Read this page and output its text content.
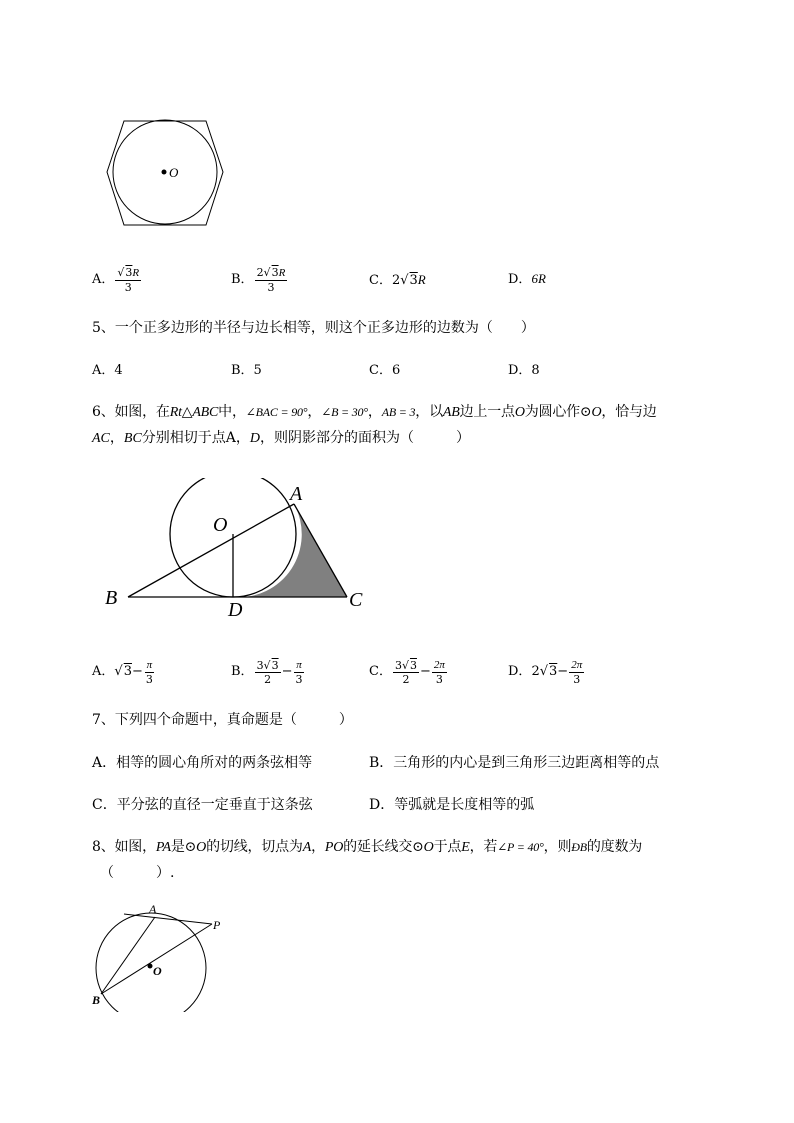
O
A． $\frac{√3R}{3}$	B． $\frac{2√3R}{3}$	C．2√3R	D．6R
5、一个正多边形的半径与边长相等，则这个正多边形的边数为（　　）
A．4	B．5	C．6	D．8
6、如图，在Rt△ABC中，∠BAC = 90°，∠B = 30°，AB = 3，以AB边上一点O为圆心作⊙O，恰与边
AC，BC分别相切于点A，D，则阴影部分的面积为（　　　）
A
O
B
D	C
A． √ $3 - \frac{\pi}{3}$	B． $\frac{3√3}{2} - \frac{\pi}{3}$	C． $\frac{3√3}{2} - \frac{2\pi}{3}$	D． 2√ $3 - \frac{2\pi}{3}$
7、下列四个命题中，真命题是（　　　）
A．相等的圆心角所对的两条弦相等	B．三角形的内心是到三角形三边距离相等的点
C．平分弦的直径一定垂直于这条弦	D．等弧就是长度相等的弧
8、如图，PA是⊙O的切线，切点为A，PO的延长线交⊙O于点E，若∠P = 40°，则ÐB的度数为
（　　　）.
A
P
O
B
